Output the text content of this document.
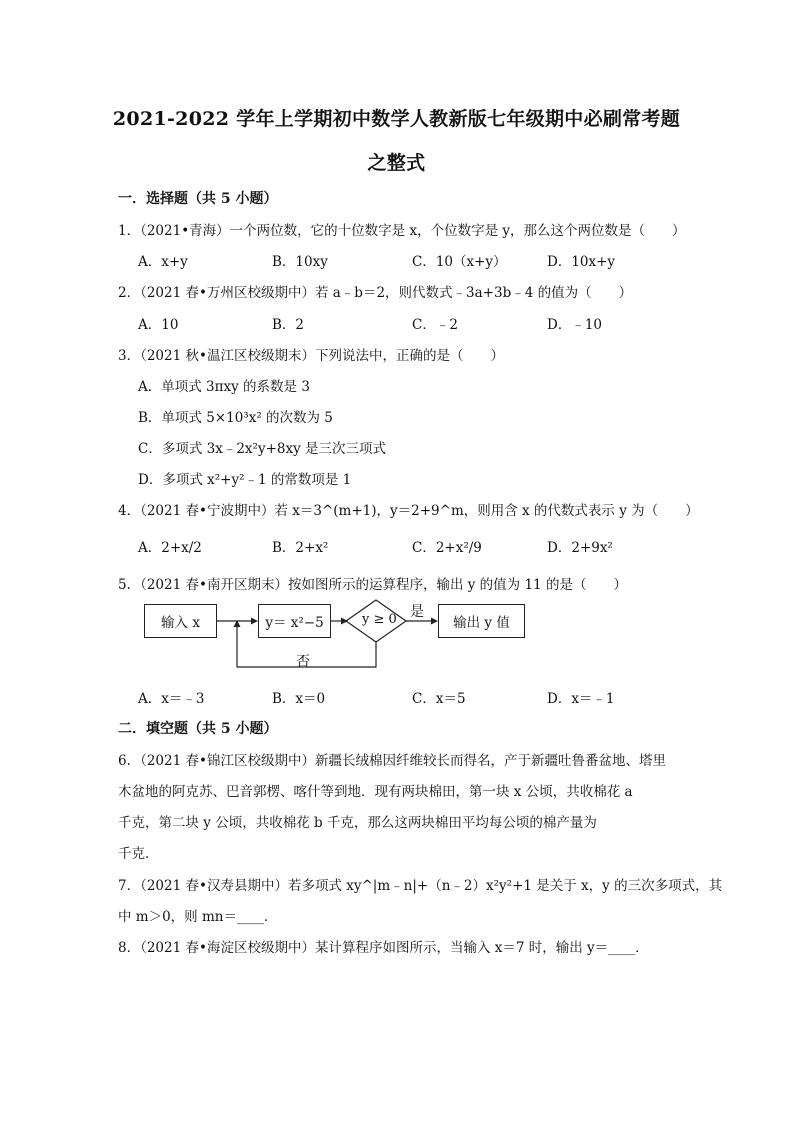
2021-2022 学年上学期初中数学人教新版七年级期中必刷常考题
之整式
一．选择题（共 5 小题）
1．（2021•青海）一个两位数，它的十位数字是 x，个位数字是 y，那么这个两位数是（　　）
A．x+y	B．10xy	C．10（x+y）	D．10x+y
2．（2021 春•万州区校级期中）若 a﹣b＝2，则代数式﹣3a+3b﹣4 的值为（　　）
A．10	B．2	C．﹣2	D．﹣10
3．（2021 秋•温江区校级期末）下列说法中，正确的是（　　）
A．单项式 3πxy 的系数是 3
B．单项式 5×10³x² 的次数为 5
C．多项式 3x﹣2x²y+8xy 是三次三项式
D．多项式 x²+y²﹣1 的常数项是 1
4．（2021 春•宁波期中）若 x＝3^(m+1)，y＝2+9^m，则用含 x 的代数式表示 y 为（　　）
A．2+x/2	B．2+x²	C．2+x²/9	D．2+9x²
5．（2021 春•南开区期末）按如图所示的运算程序，输出 y 的值为 11 的是（　　）
输入 x	y＝ x²−5	y ≥ 0	输出 y 值
是
否
A．x＝﹣3	B．x＝0	C．x＝5	D．x＝﹣1
二．填空题（共 5 小题）
6．（2021 春•锦江区校级期中）新疆长绒棉因纤维较长而得名，产于新疆吐鲁番盆地、塔里
木盆地的阿克苏、巴音郭楞、喀什等到地．现有两块棉田，第一块 x 公顷，共收棉花 a
千克，第二块 y 公顷，共收棉花 b 千克，那么这两块棉田平均每公顷的棉产量为
千克．
7．（2021 春•汉寿县期中）若多项式 xy^|m﹣n|+（n﹣2）x²y²+1 是关于 x，y 的三次多项式，其
中 m＞0，则 mn＝____．
8．（2021 春•海淀区校级期中）某计算程序如图所示，当输入 x＝7 时，输出 y＝____．
